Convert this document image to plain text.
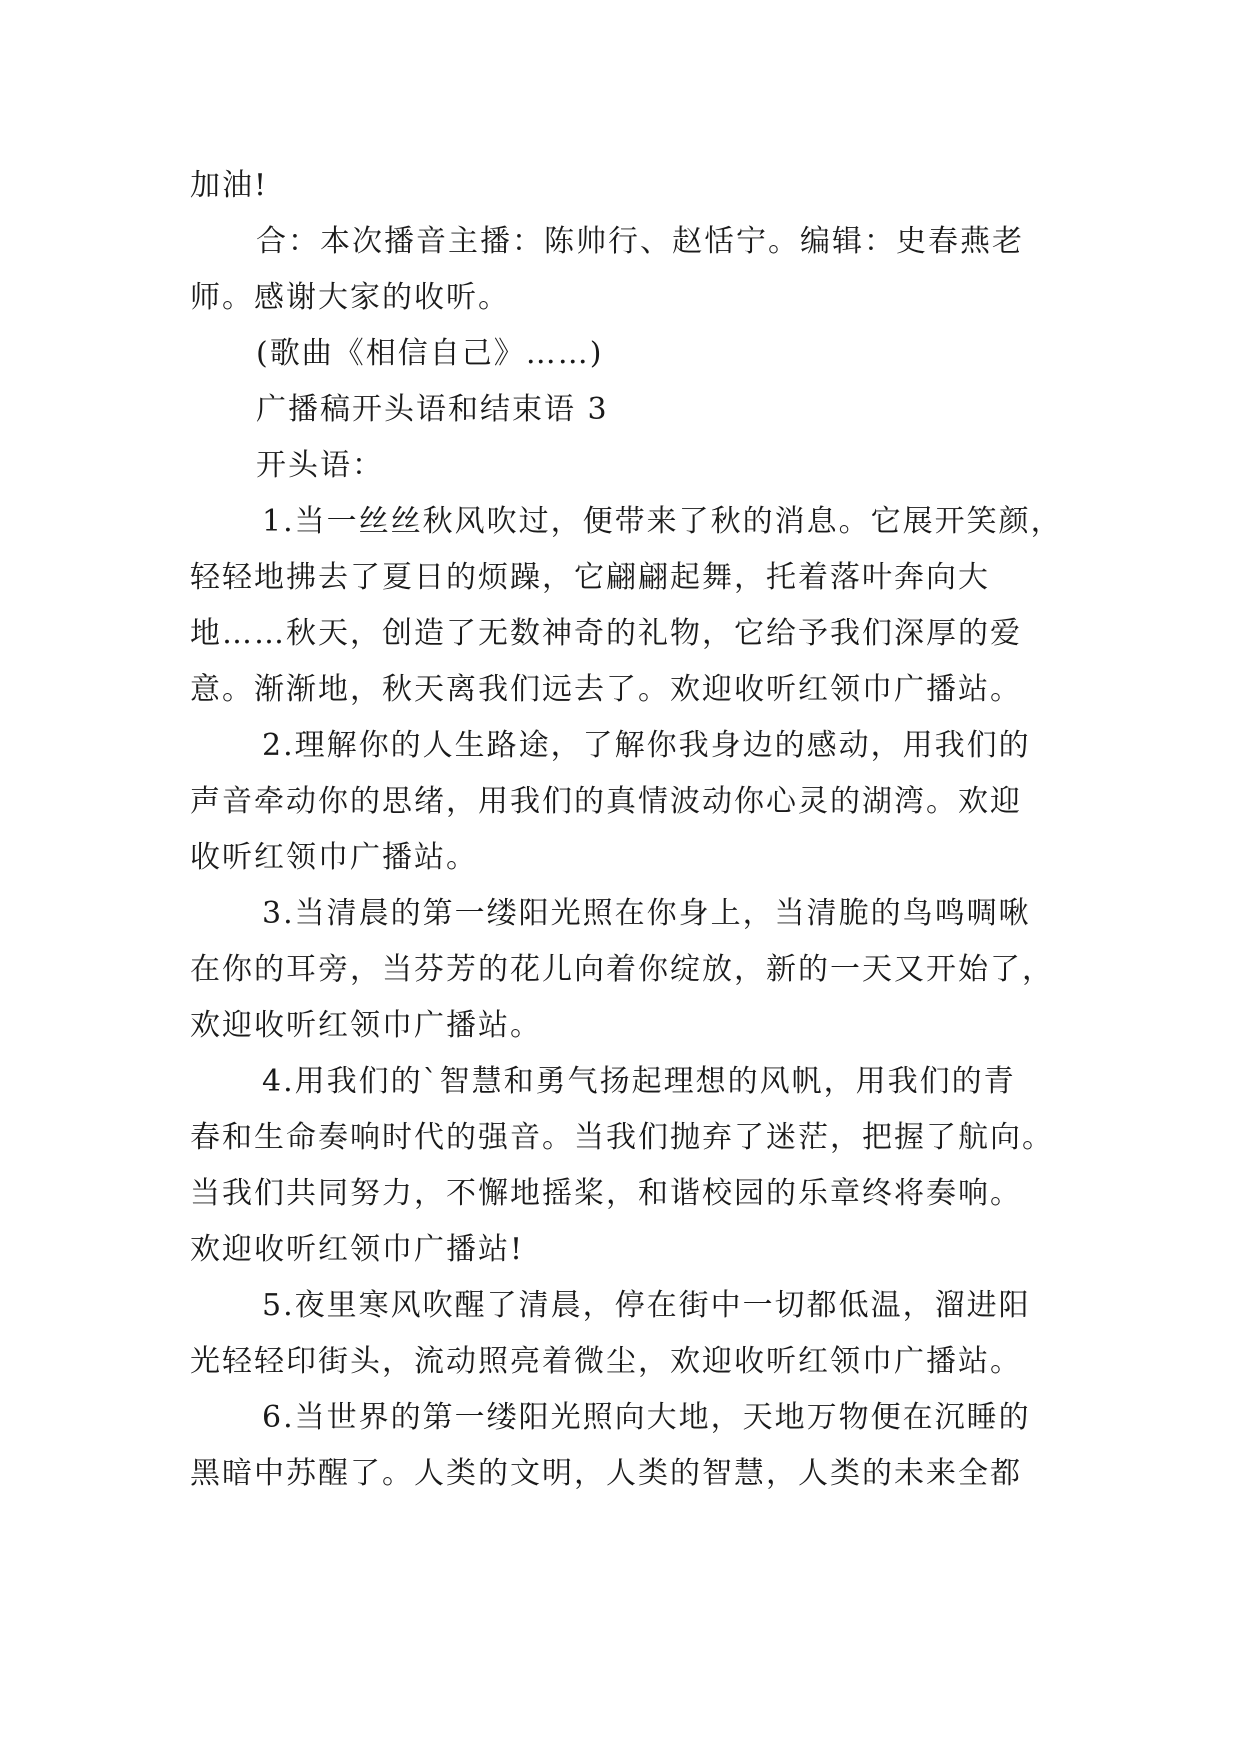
加油!
合：本次播音主播：陈帅行、赵恬宁。编辑：史春燕老
师。感谢大家的收听。
(歌曲《相信自己》……)
广播稿开头语和结束语 3
开头语：
1.当一丝丝秋风吹过，便带来了秋的消息。它展开笑颜，
轻轻地拂去了夏日的烦躁，它翩翩起舞，托着落叶奔向大
地……秋天，创造了无数神奇的礼物，它给予我们深厚的爱
意。渐渐地，秋天离我们远去了。欢迎收听红领巾广播站。
2.理解你的人生路途，了解你我身边的感动，用我们的
声音牵动你的思绪，用我们的真情波动你心灵的湖湾。欢迎
收听红领巾广播站。
3.当清晨的第一缕阳光照在你身上，当清脆的鸟鸣啁啾
在你的耳旁，当芬芳的花儿向着你绽放，新的一天又开始了，
欢迎收听红领巾广播站。
4.用我们的`智慧和勇气扬起理想的风帆，用我们的青
春和生命奏响时代的强音。当我们抛弃了迷茫，把握了航向。
当我们共同努力，不懈地摇桨，和谐校园的乐章终将奏响。
欢迎收听红领巾广播站!
5.夜里寒风吹醒了清晨，停在街中一切都低温，溜进阳
光轻轻印街头，流动照亮着微尘，欢迎收听红领巾广播站。
6.当世界的第一缕阳光照向大地，天地万物便在沉睡的
黑暗中苏醒了。人类的文明，人类的智慧，人类的未来全都
